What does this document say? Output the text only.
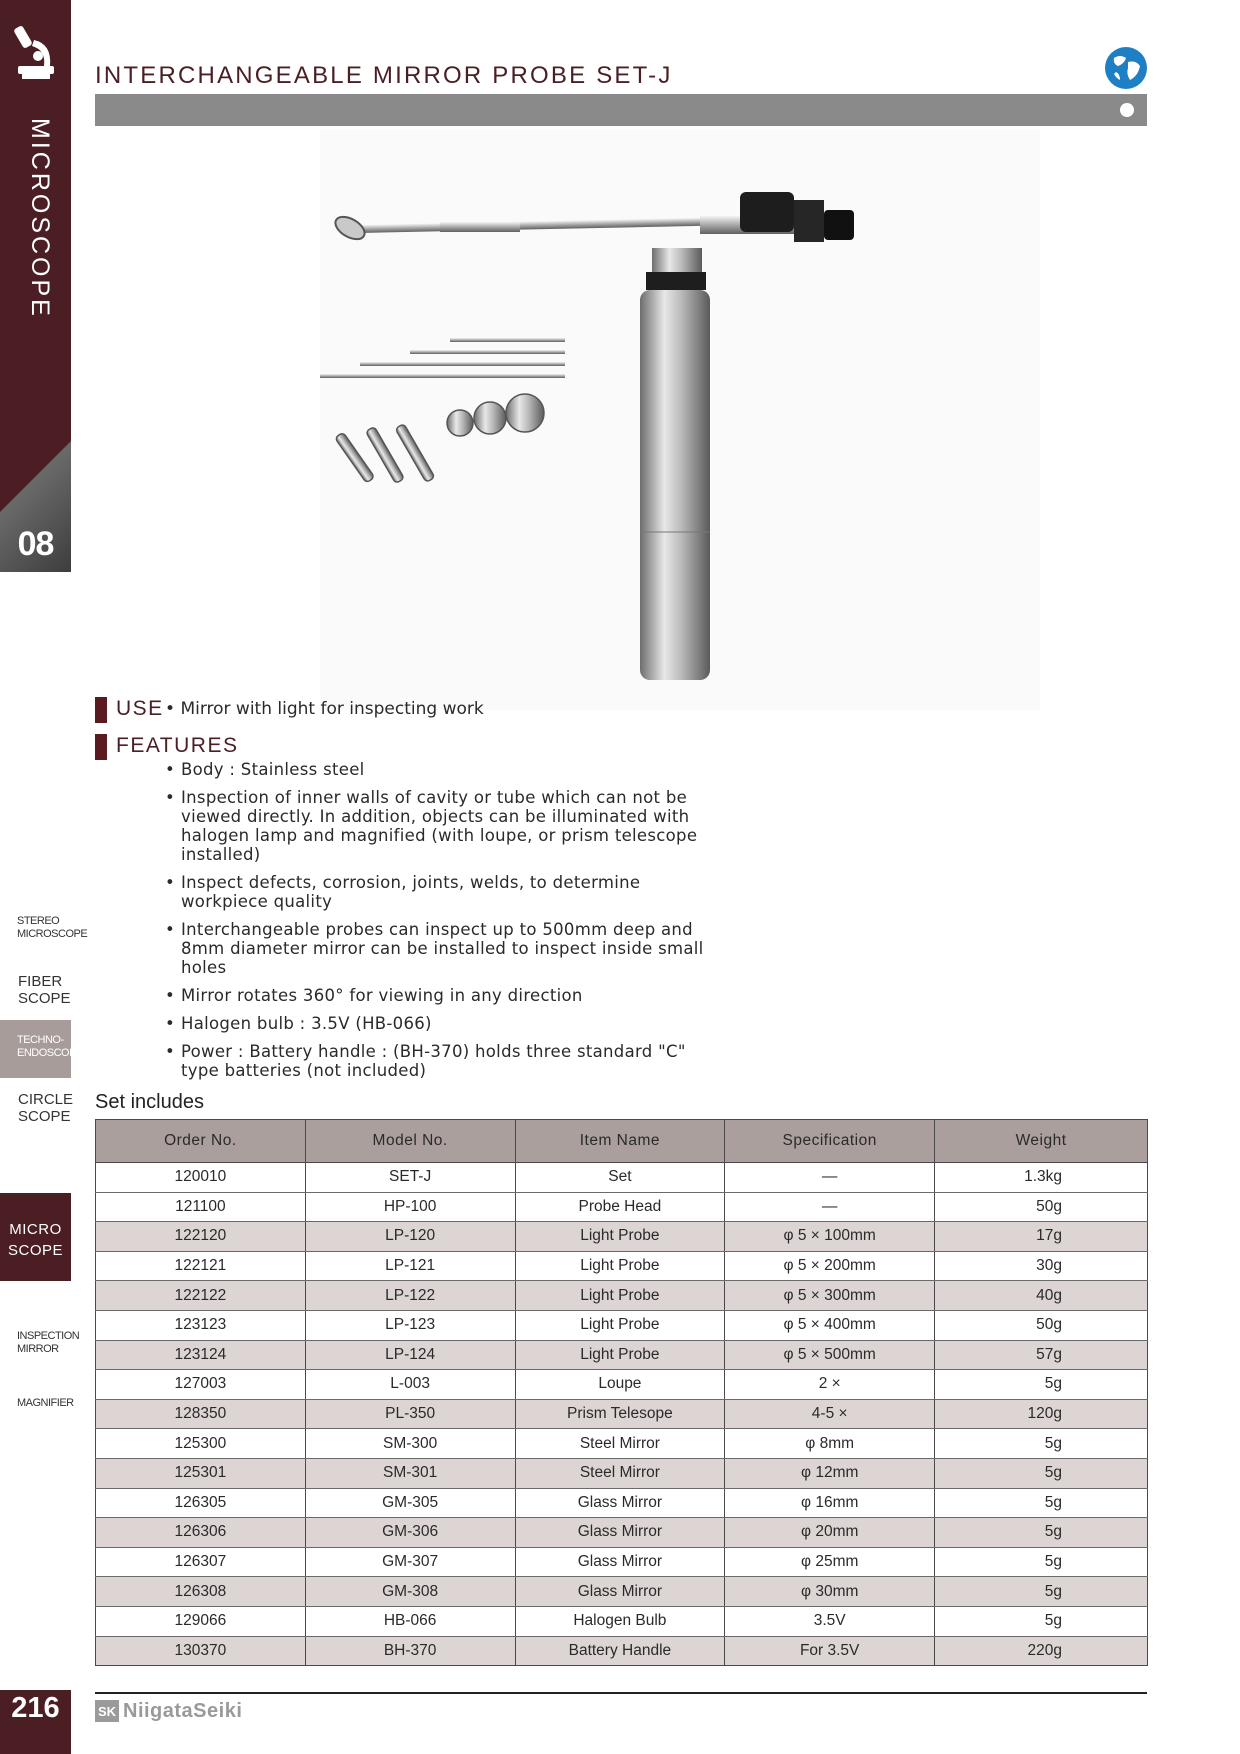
MICROSCOPE
08
STEREO MICROSCOPE
FIBER SCOPE
TECHNO-ENDOSCOPE
CIRCLE SCOPE
MICRO SCOPE
INSPECTION MIRROR
MAGNIFIER
216
INTERCHANGEABLE MIRROR PROBE SET-J
USE • Mirror with light for inspecting work
FEATURES
• Body : Stainless steel
• Inspection of inner walls of cavity or tube which can not be viewed directly. In addition, objects can be illuminated with halogen lamp and magnified (with loupe, or prism telescope installed)
• Inspect defects, corrosion, joints, welds, to determine workpiece quality
• Interchangeable probes can inspect up to 500mm deep and 8mm diameter mirror can be installed to inspect inside small holes
• Mirror rotates 360° for viewing in any direction
• Halogen bulb : 3.5V (HB-066)
• Power : Battery handle : (BH-370) holds three standard "C" type batteries (not included)
Set includes
Order No.	Model No.	Item Name	Specification	Weight
120010	SET-J	Set	—	1.3kg
121100	HP-100	Probe Head	—	50g
122120	LP-120	Light Probe	φ 5 × 100mm	17g
122121	LP-121	Light Probe	φ 5 × 200mm	30g
122122	LP-122	Light Probe	φ 5 × 300mm	40g
123123	LP-123	Light Probe	φ 5 × 400mm	50g
123124	LP-124	Light Probe	φ 5 × 500mm	57g
127003	L-003	Loupe	2 ×	5g
128350	PL-350	Prism Telesope	4-5 ×	120g
125300	SM-300	Steel Mirror	φ 8mm	5g
125301	SM-301	Steel Mirror	φ 12mm	5g
126305	GM-305	Glass Mirror	φ 16mm	5g
126306	GM-306	Glass Mirror	φ 20mm	5g
126307	GM-307	Glass Mirror	φ 25mm	5g
126308	GM-308	Glass Mirror	φ 30mm	5g
129066	HB-066	Halogen Bulb	3.5V	5g
130370	BH-370	Battery Handle	For 3.5V	220g
SK NiigataSeiki
